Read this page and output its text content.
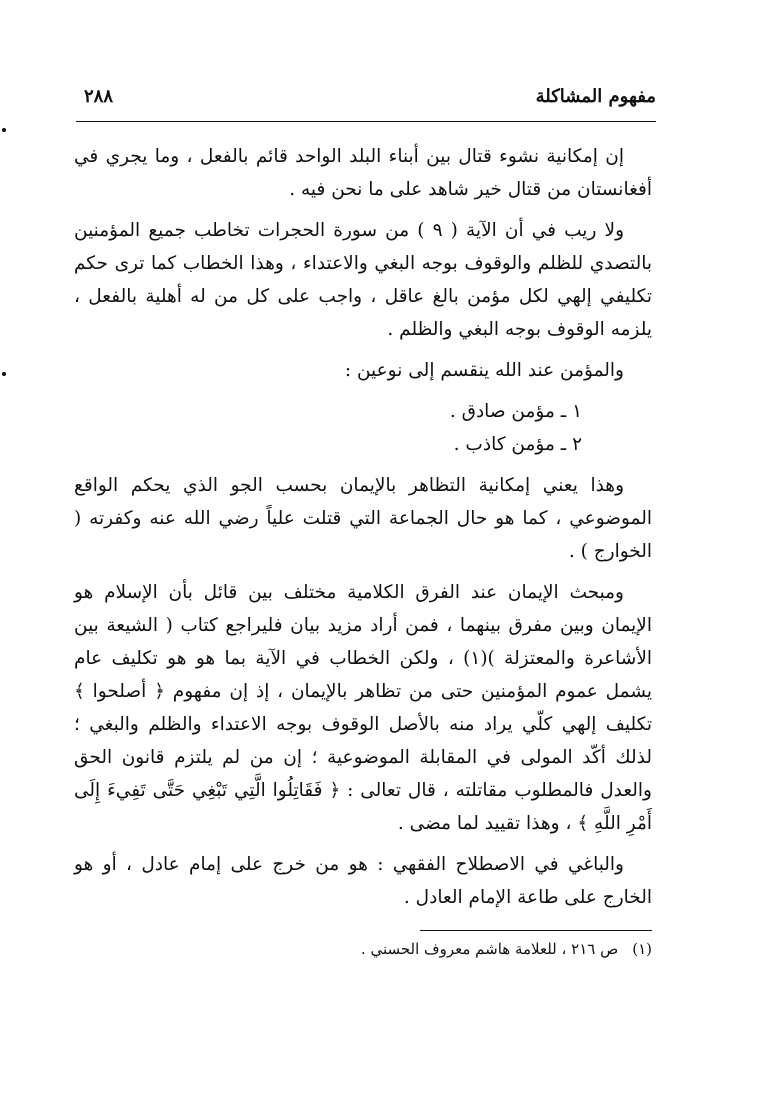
مفهوم المشاكلة
٢٨٨

إن إمكانية نشوء قتال بين أبناء البلد الواحد قائم بالفعل ، وما يجري في أفغانستان من قتال خير شاهد على ما نحن فيه .

ولا ريب في أن الآية ( ٩ ) من سورة الحجرات تخاطب جميع المؤمنين بالتصدي للظلم والوقوف بوجه البغي والاعتداء ، وهذا الخطاب كما ترى حكم تكليفي إلهي لكل مؤمن بالغ عاقل ، واجب على كل من له أهلية بالفعل ، يلزمه الوقوف بوجه البغي والظلم .

والمؤمن عند الله ينقسم إلى نوعين :

١ ـ مؤمن صادق .

٢ ـ مؤمن كاذب .

وهذا يعني إمكانية التظاهر بالإيمان بحسب الجو الذي يحكم الواقع الموضوعي ، كما هو حال الجماعة التي قتلت علياً رضي الله عنه وكفرته ( الخوارج ) .

ومبحث الإيمان عند الفرق الكلامية مختلف بين قائل بأن الإسلام هو الإيمان وبين مفرق بينهما ، فمن أراد مزيد بيان فليراجع كتاب ( الشيعة بين الأشاعرة والمعتزلة )(١) ، ولكن الخطاب في الآية بما هو هو تكليف عام يشمل عموم المؤمنين حتى من تظاهر بالإيمان ، إذ إن مفهوم ﴿ أصلحوا ﴾ تكليف إلهي كلّي يراد منه بالأصل الوقوف بوجه الاعتداء والظلم والبغي ؛ لذلك أكّد المولى في المقابلة الموضوعية ؛ إن من لم يلتزم قانون الحق والعدل فالمطلوب مقاتلته ، قال تعالى : ﴿ فَقَاتِلُوا الَّتِي تَبْغِي حَتَّى تَفِيءَ إِلَى أَمْرِ اللَّهِ ﴾ ، وهذا تقييد لما مضى .

والباغي في الاصطلاح الفقهي : هو من خرج على إمام عادل ، أو هو الخارج على طاعة الإمام العادل .

(١)ص ٢١٦ ، للعلامة هاشم معروف الحسني .
